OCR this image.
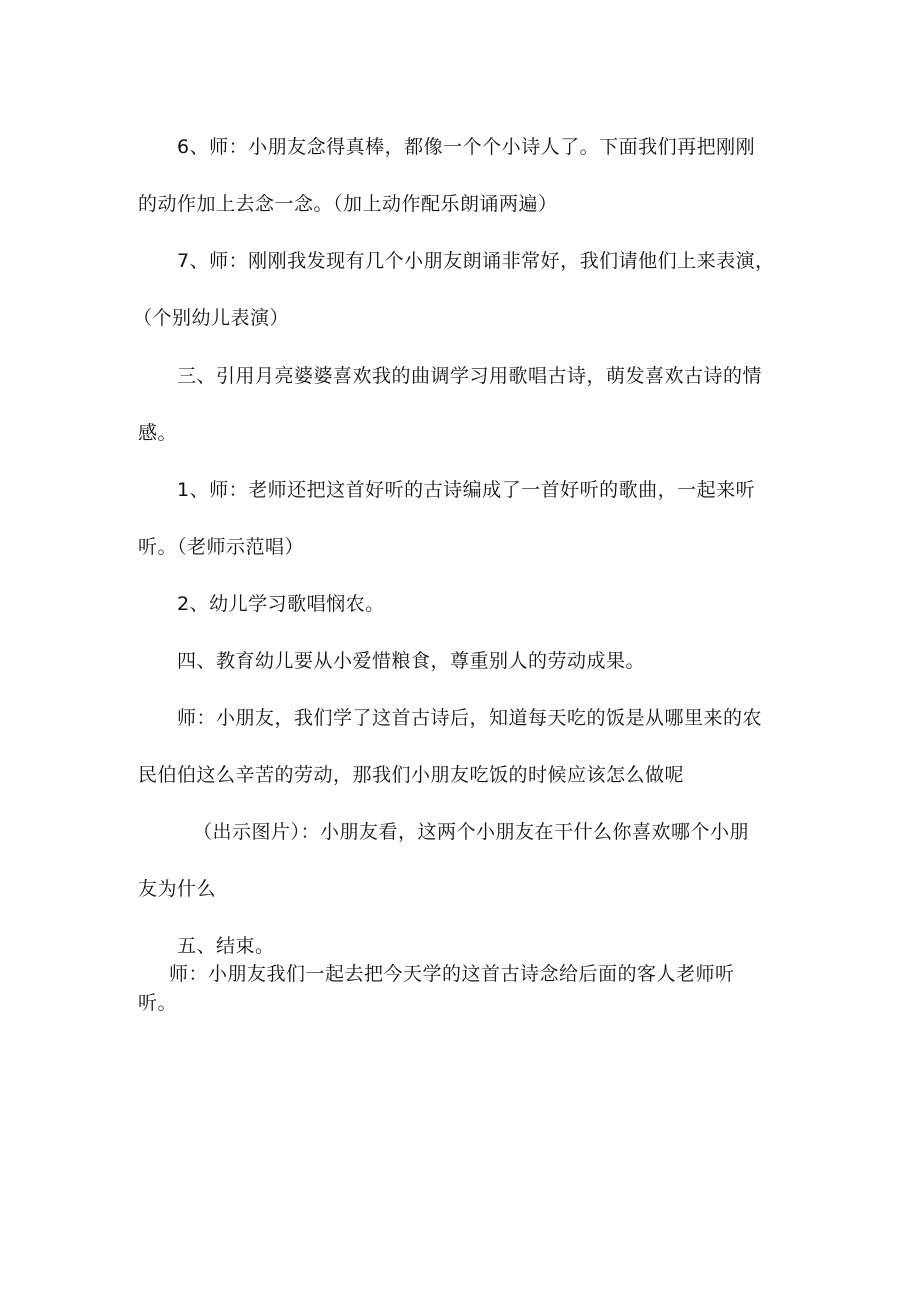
6、师：小朋友念得真棒，都像一个个小诗人了。下面我们再把刚刚
的动作加上去念一念。（加上动作配乐朗诵两遍）
7、师：刚刚我发现有几个小朋友朗诵非常好，我们请他们上来表演，
（个别幼儿表演）
三、引用月亮婆婆喜欢我的曲调学习用歌唱古诗，萌发喜欢古诗的情
感。
1、师：老师还把这首好听的古诗编成了一首好听的歌曲，一起来听
听。（老师示范唱）
2、幼儿学习歌唱悯农。
四、教育幼儿要从小爱惜粮食，尊重别人的劳动成果。
师：小朋友，我们学了这首古诗后，知道每天吃的饭是从哪里来的农
民伯伯这么辛苦的劳动，那我们小朋友吃饭的时候应该怎么做呢
（出示图片）：小朋友看，这两个小朋友在干什么你喜欢哪个小朋
友为什么
五、结束。
师：小朋友我们一起去把今天学的这首古诗念给后面的客人老师听
听。
